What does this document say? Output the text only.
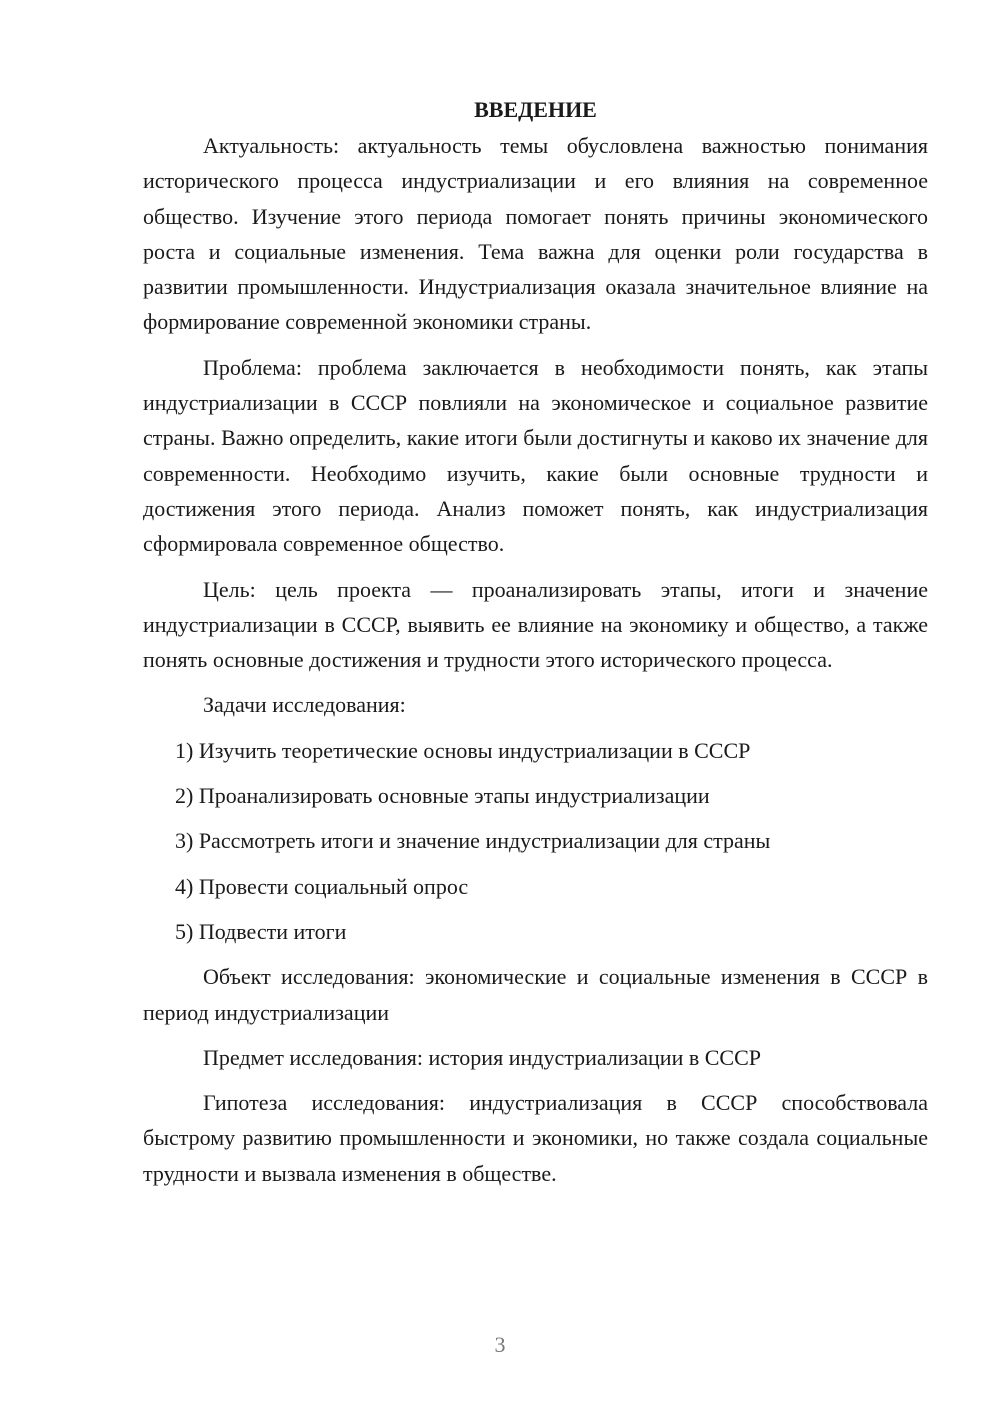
ВВЕДЕНИЕ

Актуальность: актуальность темы обусловлена важностью понимания исторического процесса индустриализации и его влияния на современное общество. Изучение этого периода помогает понять причины экономического роста и социальные изменения. Тема важна для оценки роли государства в развитии промышленности. Индустриализация оказала значительное влияние на формирование современной экономики страны.

Проблема: проблема заключается в необходимости понять, как этапы индустриализации в СССР повлияли на экономическое и социальное развитие страны. Важно определить, какие итоги были достигнуты и каково их значение для современности. Необходимо изучить, какие были основные трудности и достижения этого периода. Анализ поможет понять, как индустриализация сформировала современное общество.

Цель: цель проекта — проанализировать этапы, итоги и значение индустриализации в СССР, выявить ее влияние на экономику и общество, а также понять основные достижения и трудности этого исторического процесса.

Задачи исследования:
1) Изучить теоретические основы индустриализации в СССР
2) Проанализировать основные этапы индустриализации
3) Рассмотреть итоги и значение индустриализации для страны
4) Провести социальный опрос
5) Подвести итоги

Объект исследования: экономические и социальные изменения в СССР в период индустриализации

Предмет исследования: история индустриализации в СССР

Гипотеза исследования: индустриализация в СССР способствовала быстрому развитию промышленности и экономики, но также создала социальные трудности и вызвала изменения в обществе.

3
